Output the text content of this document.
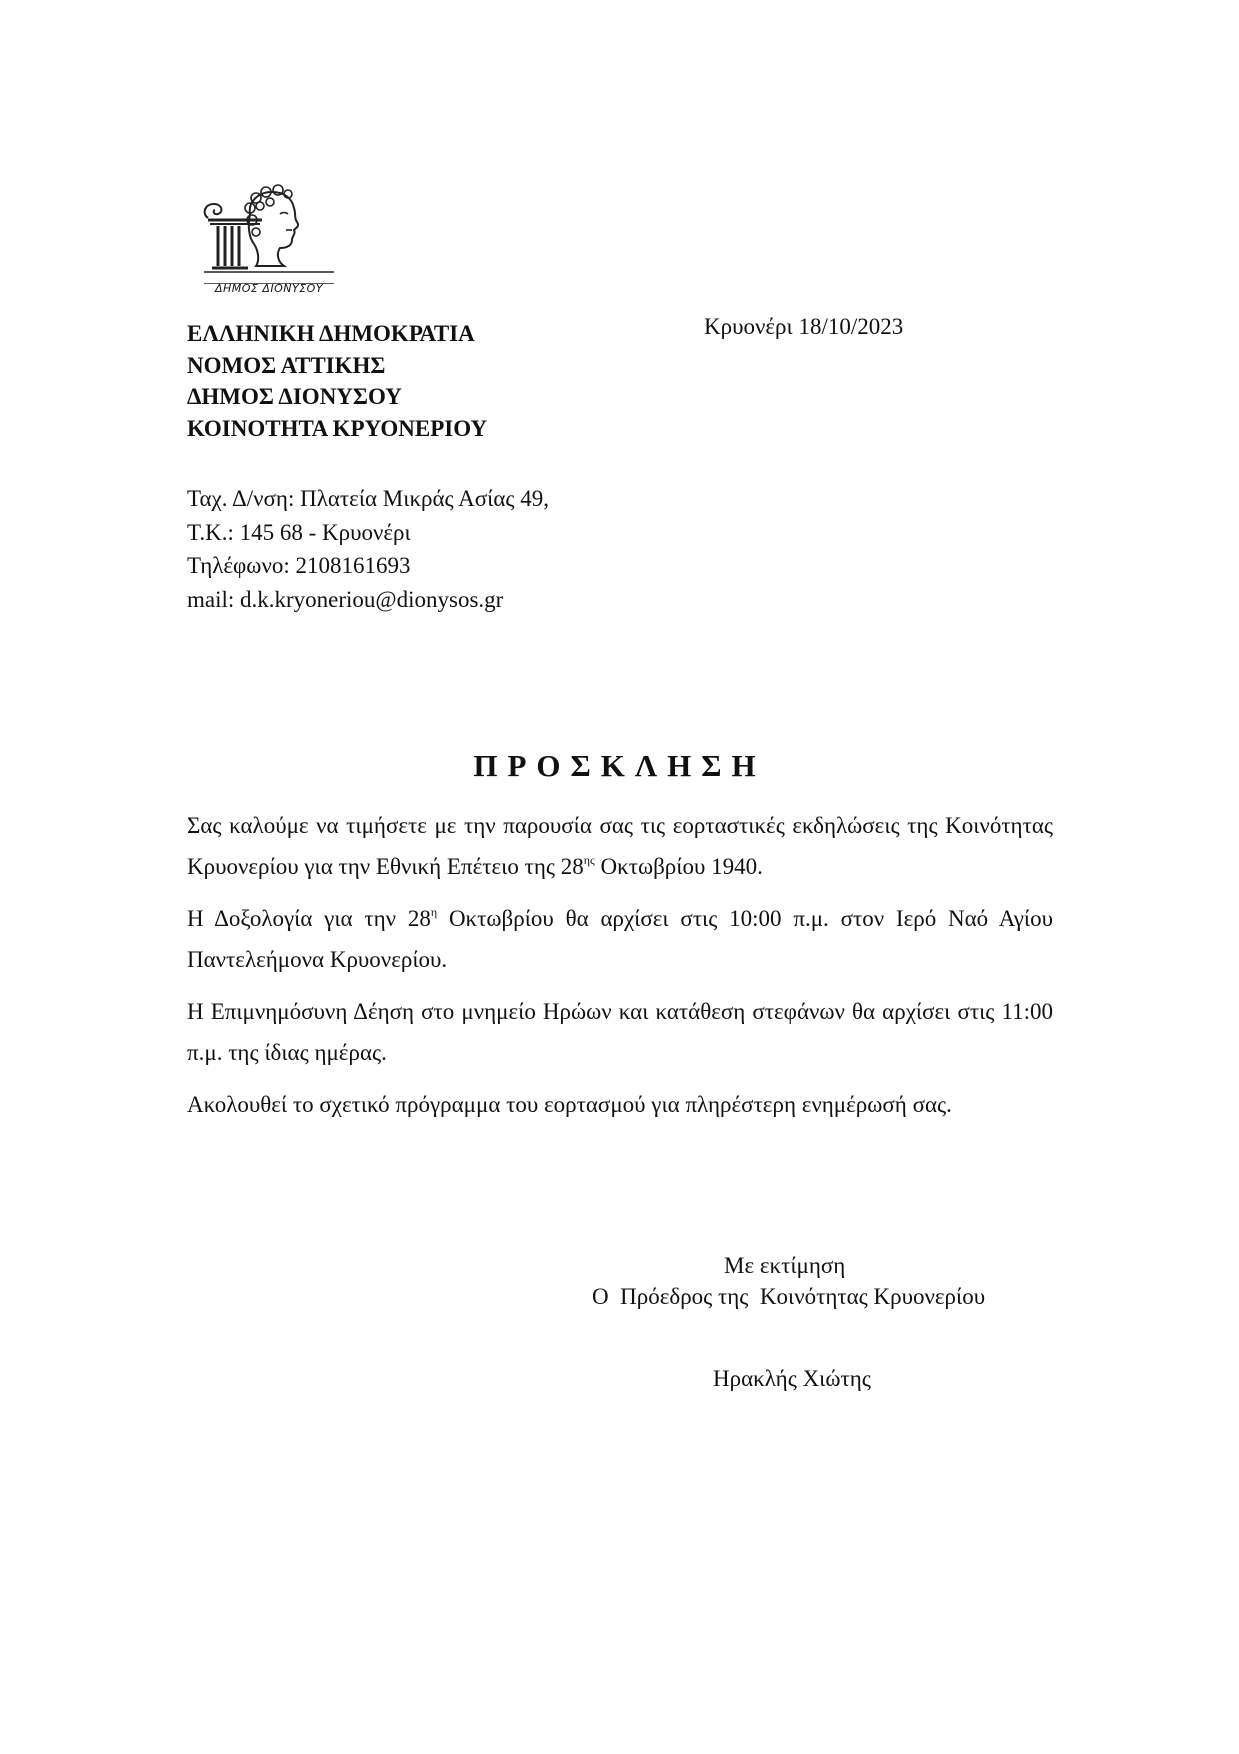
ΔΗΜΟΣ ΔΙΟΝΥΣΟΥ
ΕΛΛΗΝΙΚΗ ΔΗΜΟΚΡΑΤΙΑ
ΝΟΜΟΣ ΑΤΤΙΚΗΣ
ΔΗΜΟΣ ΔΙΟΝΥΣΟΥ
ΚΟΙΝΟΤΗΤΑ ΚΡΥΟΝΕΡΙΟΥ
Κρυονέρι 18/10/2023
Ταχ. Δ/νση: Πλατεία Μικράς Ασίας 49,
Τ.Κ.: 145 68 - Κρυονέρι
Τηλέφωνο: 2108161693
mail: d.k.kryoneriou@dionysos.gr
ΠΡΟΣΚΛΗΣΗ

Σας καλούμε να τιμήσετε με την παρουσία σας τις εορταστικές εκδηλώσεις της Κοινότητας Κρυονερίου για την Εθνική Επέτειο της $28^{\eta\varsigma}$ Οκτωβρίου 1940.

Η Δοξολογία για την $28^\eta$ Οκτωβρίου θα αρχίσει στις 10:00 π.μ. στον Ιερό Ναό Αγίου Παντελεήμονα Κρυονερίου.

Η Επιμνημόσυνη Δέηση στο μνημείο Ηρώων και κατάθεση στεφάνων θα αρχίσει στις 11:00 π.μ. της ίδιας ημέρας.

Ακολουθεί το σχετικό πρόγραμμα του εορτασμού για πληρέστερη ενημέρωσή σας.

Με εκτίμηση
Ο  Πρόεδρος της  Κοινότητας Κρυονερίου
Ηρακλής Χιώτης
